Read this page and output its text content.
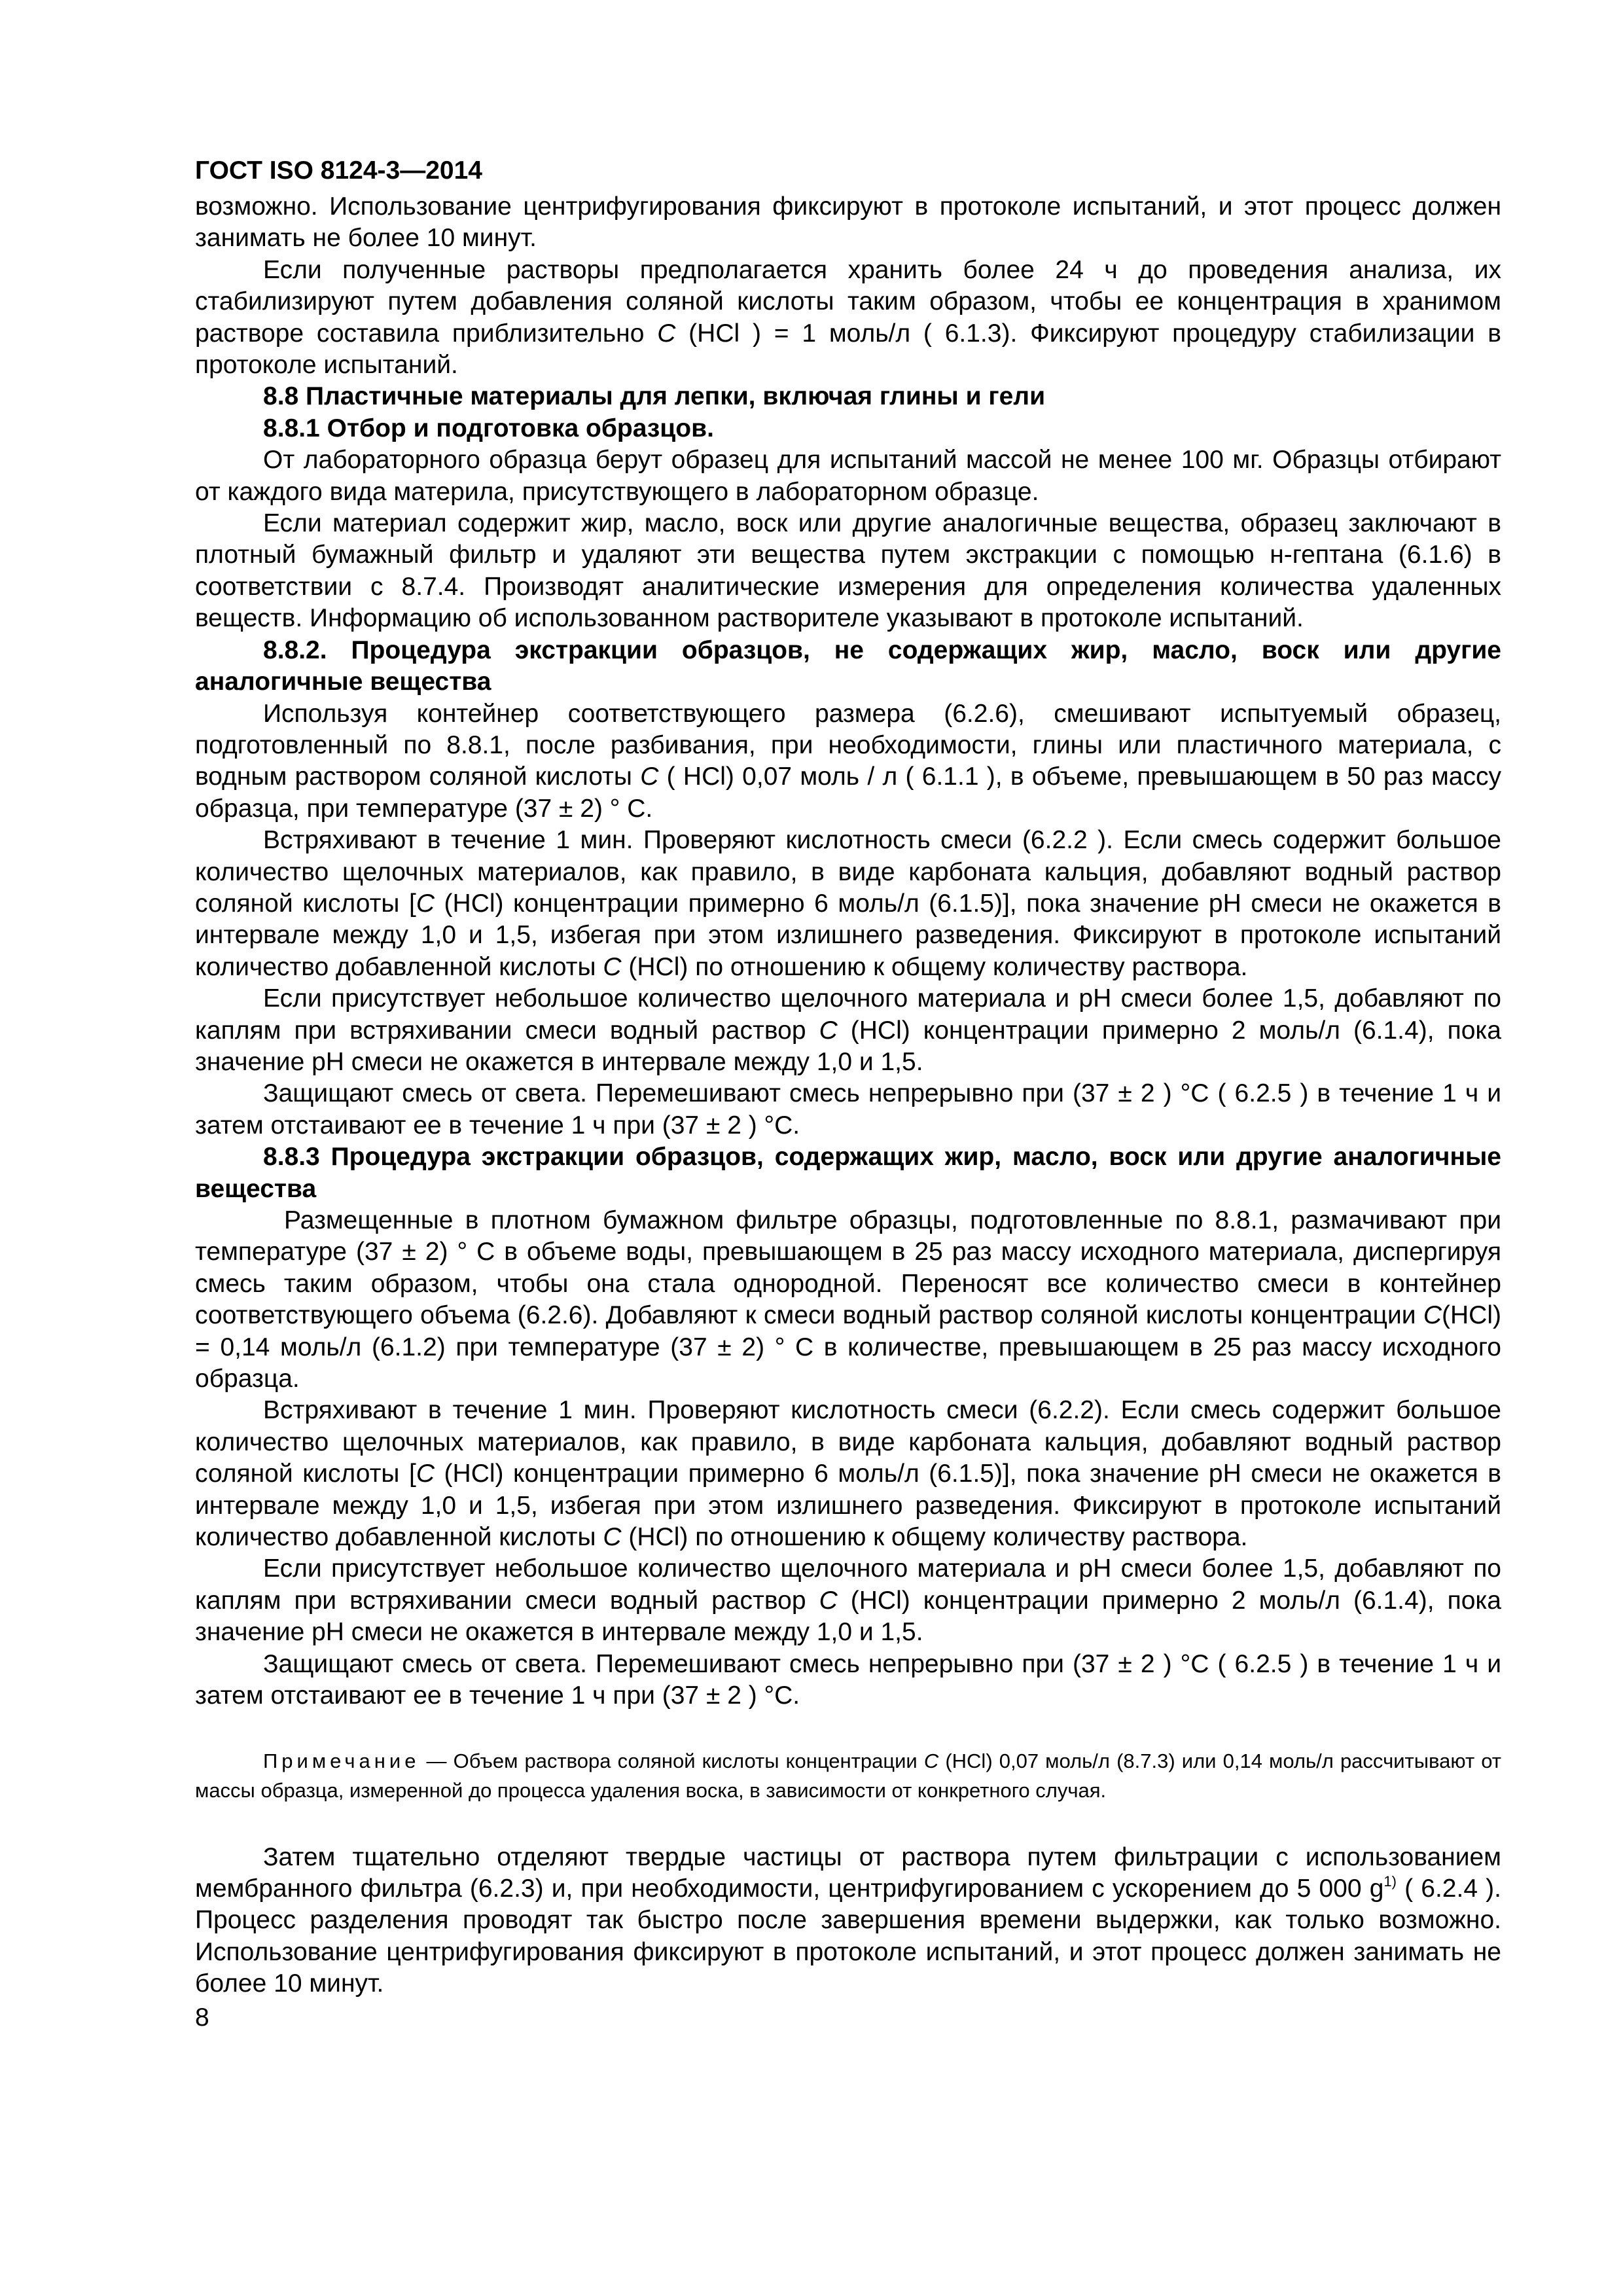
ГОСТ ISO 8124-3—2014

возможно. Использование центрифугирования фиксируют в протоколе испытаний, и этот процесс должен занимать не более 10 минут.

Если полученные растворы предполагается хранить более 24 ч до проведения анализа, их стабилизируют путем добавления соляной кислоты таким образом, чтобы ее концентрация в хранимом растворе составила приблизительно C (HCl ) = 1 моль/л ( 6.1.3). Фиксируют процедуру стабилизации в протоколе испытаний.

8.8 Пластичные материалы для лепки, включая глины и гели

8.8.1 Отбор и подготовка образцов.

От лабораторного образца берут образец для испытаний массой не менее 100 мг. Образцы отбирают от каждого вида материла, присутствующего в лабораторном образце.

Если материал содержит жир, масло, воск или другие аналогичные вещества, образец заключают в плотный бумажный фильтр и удаляют эти вещества путем экстракции с помощью н-гептана (6.1.6) в соответствии с 8.7.4. Производят аналитические измерения для определения количества удаленных веществ. Информацию об использованном растворителе указывают в протоколе испытаний.

8.8.2. Процедура экстракции образцов, не содержащих жир, масло, воск или другие аналогичные вещества

Используя контейнер соответствующего размера (6.2.6), смешивают испытуемый образец, подготовленный по 8.8.1, после разбивания, при необходимости, глины или пластичного материала, с водным раствором соляной кислоты C ( HCl) 0,07 моль / л ( 6.1.1 ), в объеме, превышающем в 50 раз массу образца, при температуре (37 ± 2) ° C.

Встряхивают в течение 1 мин. Проверяют кислотность смеси (6.2.2 ). Если смесь содержит большое количество щелочных материалов, как правило, в виде карбоната кальция, добавляют водный раствор соляной кислоты [C (HCl) концентрации примерно 6 моль/л (6.1.5)], пока значение pH смеси не окажется в интервале между 1,0 и 1,5, избегая при этом излишнего разведения. Фиксируют в протоколе испытаний количество добавленной кислоты C (HCl) по отношению к общему количеству раствора.

Если присутствует небольшое количество щелочного материала и pH смеси более 1,5, добавляют по каплям при встряхивании смеси водный раствор C (HCl) концентрации примерно 2 моль/л (6.1.4), пока значение pH смеси не окажется в интервале между 1,0 и 1,5.

Защищают смесь от света. Перемешивают смесь непрерывно при (37 ± 2 ) °C ( 6.2.5 ) в течение 1 ч и затем отстаивают ее в течение 1 ч при (37 ± 2 ) °C.

8.8.3 Процедура экстракции образцов, содержащих жир, масло, воск или другие аналогичные вещества

Размещенные в плотном бумажном фильтре образцы, подготовленные по 8.8.1, размачивают при температуре (37 ± 2) ° С в объеме воды, превышающем в 25 раз массу исходного материала, диспергируя смесь таким образом, чтобы она стала однородной. Переносят все количество смеси в контейнер соответствующего объема (6.2.6). Добавляют к смеси водный раствор соляной кислоты концентрации C(HCl) = 0,14 моль/л (6.1.2) при температуре (37 ± 2) ° С в количестве, превышающем в 25 раз массу исходного образца.

Встряхивают в течение 1 мин. Проверяют кислотность смеси (6.2.2). Если смесь содержит большое количество щелочных материалов, как правило, в виде карбоната кальция, добавляют водный раствор соляной кислоты [C (HCl) концентрации примерно 6 моль/л (6.1.5)], пока значение pH смеси не окажется в интервале между 1,0 и 1,5, избегая при этом излишнего разведения. Фиксируют в протоколе испытаний количество добавленной кислоты C (HCl) по отношению к общему количеству раствора.

Если присутствует небольшое количество щелочного материала и pH смеси более 1,5, добавляют по каплям при встряхивании смеси водный раствор C (HCl) концентрации примерно 2 моль/л (6.1.4), пока значение pH смеси не окажется в интервале между 1,0 и 1,5.

Защищают смесь от света. Перемешивают смесь непрерывно при (37 ± 2 ) °C ( 6.2.5 ) в течение 1 ч и затем отстаивают ее в течение 1 ч при (37 ± 2 ) °C.

Примечание — Объем раствора соляной кислоты концентрации C (HCl) 0,07 моль/л (8.7.3) или 0,14 моль/л рассчитывают от массы образца, измеренной до процесса удаления воска, в зависимости от конкретного случая.

Затем тщательно отделяют твердые частицы от раствора путем фильтрации с использованием мембранного фильтра (6.2.3) и, при необходимости, центрифугированием с ускорением до 5 000 g$^{1)}$ ( 6.2.4 ). Процесс разделения проводят так быстро после завершения времени выдержки, как только возможно. Использование центрифугирования фиксируют в протоколе испытаний, и этот процесс должен занимать не более 10 минут.

8
